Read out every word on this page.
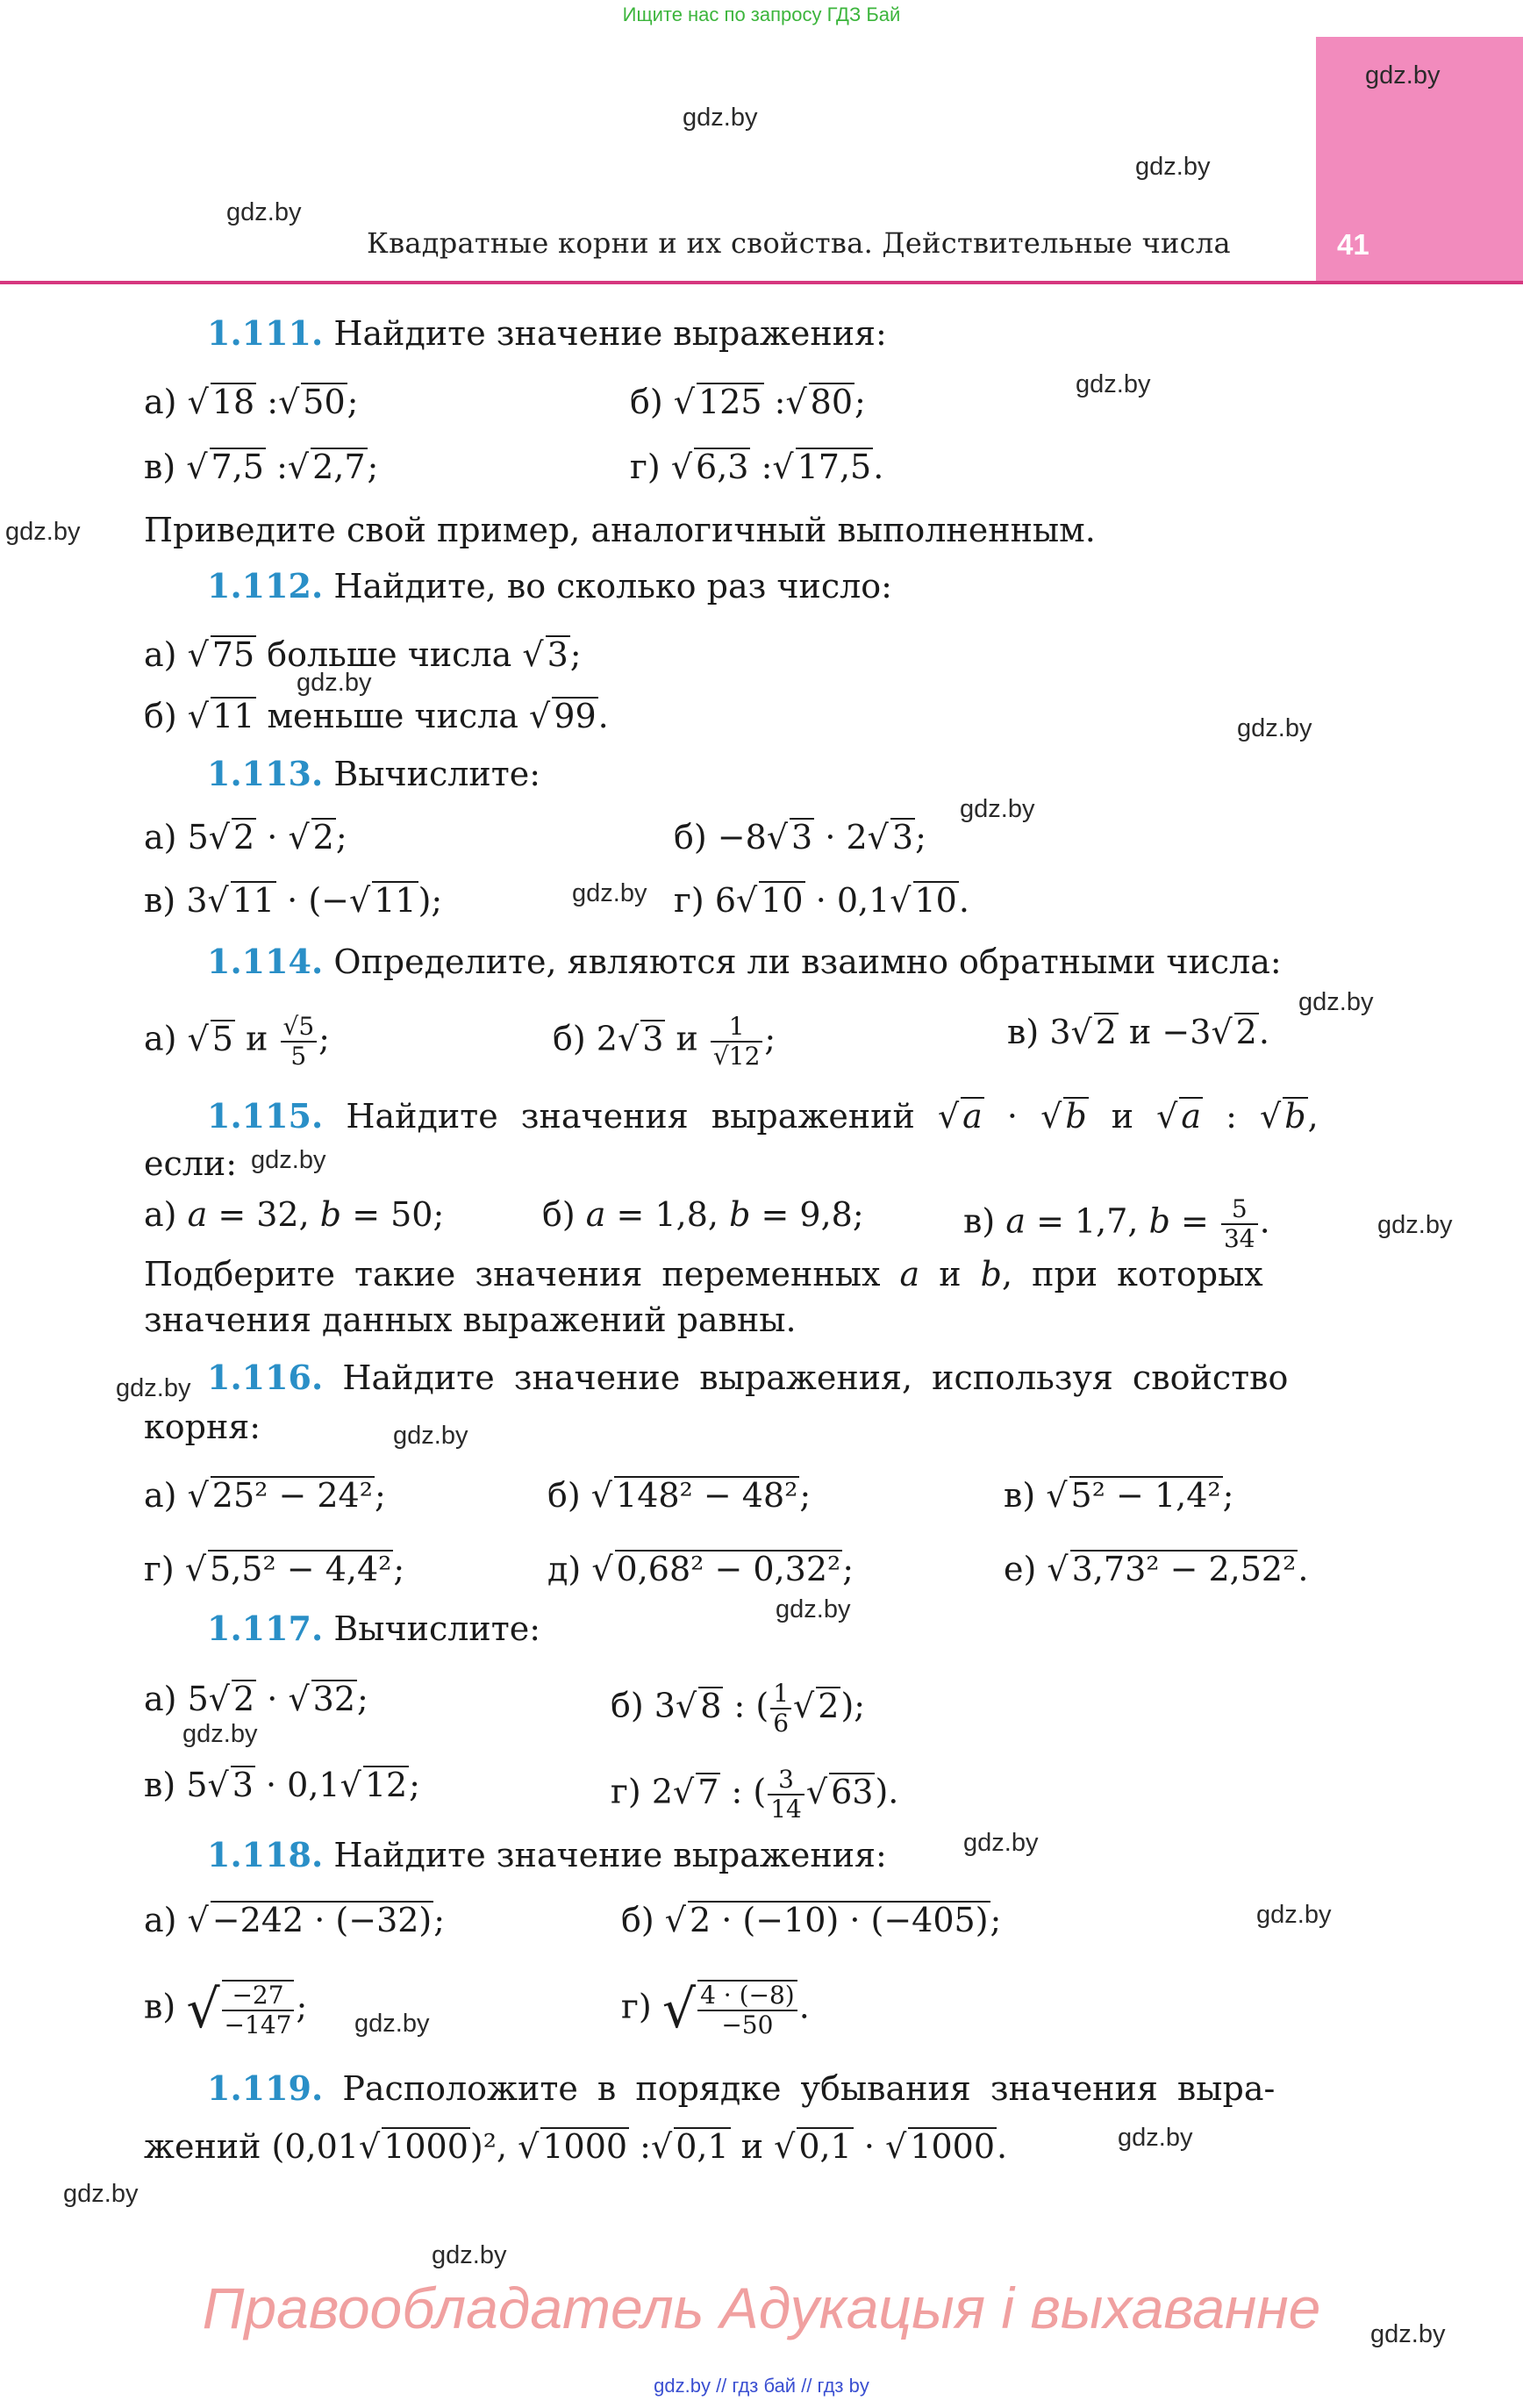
Ищите нас по запросу ГДЗ Бай
41
Квадратные корни и их свойства. Действительные числа
gdz.by
gdz.by
gdz.by
gdz.by
gdz.by
gdz.by
gdz.by
gdz.by
gdz.by
gdz.by
gdz.by
gdz.by
gdz.by
gdz.by
gdz.by
gdz.by
gdz.by
gdz.by
gdz.by
gdz.by
gdz.by
gdz.by
gdz.by
gdz.by
1.111. Найдите значение выражения:
а) √ 18 :√ 50;	б) √ 125 :√ 80;
в) √ 7,5 :√ 2,7;	г) √ 6,3 :√ 17,5.
Приведите свой пример, аналогичный выполненным.
1.112. Найдите, во сколько раз число:
а) √ 75 больше числа √ 3;
б) √ 11 меньше числа √ 99.
1.113. Вычислите:
а) 5√ 2 · √ 2;	б) −8√ 3 · 2√ 3;
в) 3√ 11 · (−√ 11);	г) 6√ 10 · 0,1√ 10.
1.114. Определите, являются ли взаимно обратными числа:
а) √ 5 и $\frac{√5}{5}$ ;	б) 2√ 3 и $\frac{1}{√12}$ ;	в) 3√ 2 и −3√ 2.
1.115. Найдите значения выражений √ a · √ b и √ a : √ b,
если:
а) a = 32, b = 50;	б) a = 1,8, b = 9,8;	в) a = 1,7, $b = \frac{5}{34}$ .
Подберите такие значения переменных a и b, при которых
значения данных выражений равны.
1.116. Найдите значение выражения, используя свойство
корня:
а) √ 25² − 24²;	б) √ 148² − 48²;	в) √ 5² − 1,4²;
г) √ 5,5² − 4,4²;	д) √ 0,68² − 0,32²;	е) √ 3,73² − 2,52².
1.117. Вычислите:
а) 5√ 2 · √ 32;	б) 3√ 8 : ( $\frac{1}{6}$ √ 2);
в) 5√ 3 · 0,1√ 12;	г) 2√ 7 : ( $\frac{3}{14}$ √ 63).
1.118. Найдите значение выражения:
а) √ −242 · (−32);	б) √ 2 · (−10) · (−405);
в) √ $\frac{-27}{-147}$ ;	г) √ $\frac{4 \cdot (-8)}{-50}$ .
1.119. Расположите в порядке убывания значения выра-
жений (0,01√ 1000)², √ 1000 :√ 0,1 и √ 0,1 · √ 1000.
Правообладатель Адукацыя і выхаванне
gdz.by // гдз бай // гдз by
